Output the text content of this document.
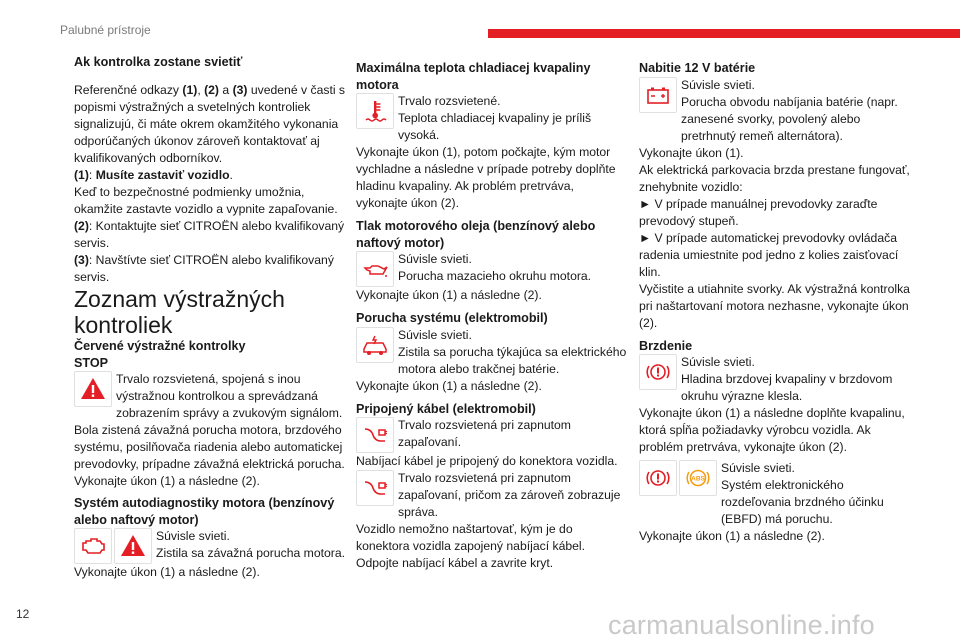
Palubné prístroje

Ak kontrolka zostane svietiť

Referenčné odkazy (1), (2) a (3) uvedené v časti s popismi výstražných a svetelných kontroliek signalizujú, či máte okrem okamžitého vykonania odporúčaných úkonov zároveň kontaktovať aj kvalifikovaných odborníkov.

(1): Musíte zastaviť vozidlo.

Keď to bezpečnostné podmienky umožnia, okamžite zastavte vozidlo a vypnite zapaľovanie.

(2): Kontaktujte sieť CITROËN alebo kvalifikovaný servis.

(3): Navštívte sieť CITROËN alebo kvalifikovaný servis.

Zoznam výstražných kontroliek

Červené výstražné kontrolky

STOP

Trvalo rozsvietená, spojená s inou výstražnou kontrolkou a sprevádzaná zobrazením správy a zvukovým signálom.

Bola zistená závažná porucha motora, brzdového systému, posilňovača riadenia alebo automatickej prevodovky, prípadne závažná elektrická porucha.

Vykonajte úkon (1) a následne (2).

Systém autodiagnostiky motora (benzínový alebo naftový motor)

Súvisle svieti.
Zistila sa závažná porucha motora.

Vykonajte úkon (1) a následne (2).

Maximálna teplota chladiacej kvapaliny motora

Trvalo rozsvietené.
Teplota chladiacej kvapaliny je príliš vysoká.

Vykonajte úkon (1), potom počkajte, kým motor vychladne a následne v prípade potreby doplňte hladinu kvapaliny. Ak problém pretrváva, vykonajte úkon (2).

Tlak motorového oleja (benzínový alebo naftový motor)

Súvisle svieti.
Porucha mazacieho okruhu motora.

Vykonajte úkon (1) a následne (2).

Porucha systému (elektromobil)

Súvisle svieti.
Zistila sa porucha týkajúca sa elektrického motora alebo trakčnej batérie.

Vykonajte úkon (1) a následne (2).

Pripojený kábel (elektromobil)

Trvalo rozsvietená pri zapnutom zapaľovaní.

Nabíjací kábel je pripojený do konektora vozidla.

Trvalo rozsvietená pri zapnutom zapaľovaní, pričom za zároveň zobrazuje správa.

Vozidlo nemožno naštartovať, kým je do konektora vozidla zapojený nabíjací kábel. Odpojte nabíjací kábel a zavrite kryt.

Nabitie 12 V batérie

Súvisle svieti.
Porucha obvodu nabíjania batérie (napr. zanesené svorky, povolený alebo pretrhnutý remeň alternátora).

Vykonajte úkon (1).
Ak elektrická parkovacia brzda prestane fungovať, znehybnite vozidlo:
► V prípade manuálnej prevodovky zaraďte prevodový stupeň.
► V prípade automatickej prevodovky ovládača radenia umiestnite pod jedno z kolies zaisťovací klin.
Vyčistite a utiahnite svorky. Ak výstražná kontrolka pri naštartovaní motora nezhasne, vykonajte úkon (2).

Brzdenie

Súvisle svieti.
Hladina brzdovej kvapaliny v brzdovom okruhu výrazne klesla.

Vykonajte úkon (1) a následne doplňte kvapalinu, ktorá spĺňa požiadavky výrobcu vozidla. Ak problém pretrváva, vykonajte úkon (2).

ABS
Súvisle svieti.
Systém elektronického rozdeľovania brzdného účinku (EBFD) má poruchu.

Vykonajte úkon (1) a následne (2).

12	carmanualsonline.info
